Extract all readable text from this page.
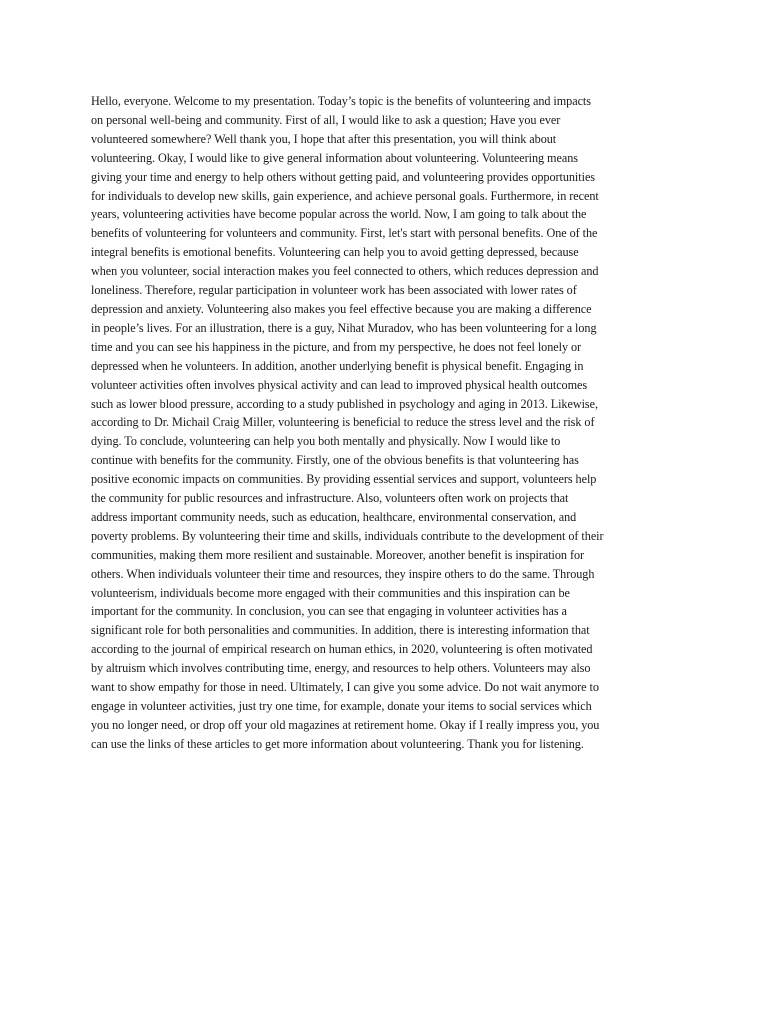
Hello, everyone. Welcome to my presentation. Today’s topic is the benefits of volunteering and impacts
on personal well-being and community. First of all, I would like to ask a question; Have you ever
volunteered somewhere? Well thank you, I hope that after this presentation, you will think about
volunteering. Okay, I would like to give general information about volunteering. Volunteering means
giving your time and energy to help others without getting paid, and volunteering provides opportunities
for individuals to develop new skills, gain experience, and achieve personal goals. Furthermore, in recent
years, volunteering activities have become popular across the world. Now, I am going to talk about the
benefits of volunteering for volunteers and community. First, let's start with personal benefits. One of the
integral benefits is emotional benefits. Volunteering can help you to avoid getting depressed, because
when you volunteer, social interaction makes you feel connected to others, which reduces depression and
loneliness. Therefore, regular participation in volunteer work has been associated with lower rates of
depression and anxiety. Volunteering also makes you feel effective because you are making a difference
in people’s lives. For an illustration, there is a guy, Nihat Muradov, who has been volunteering for a long
time and you can see his happiness in the picture, and from my perspective, he does not feel lonely or
depressed when he volunteers. In addition, another underlying benefit is physical benefit. Engaging in
volunteer activities often involves physical activity and can lead to improved physical health outcomes
such as lower blood pressure, according to a study published in psychology and aging in 2013. Likewise,
according to Dr. Michail Craig Miller, volunteering is beneficial to reduce the stress level and the risk of
dying. To conclude, volunteering can help you both mentally and physically. Now I would like to
continue with benefits for the community. Firstly, one of the obvious benefits is that volunteering has
positive economic impacts on communities. By providing essential services and support, volunteers help
the community for public resources and infrastructure. Also, volunteers often work on projects that
address important community needs, such as education, healthcare, environmental conservation, and
poverty problems. By volunteering their time and skills, individuals contribute to the development of their
communities, making them more resilient and sustainable. Moreover, another benefit is inspiration for
others. When individuals volunteer their time and resources, they inspire others to do the same. Through
volunteerism, individuals become more engaged with their communities and this inspiration can be
important for the community. In conclusion, you can see that engaging in volunteer activities has a
significant role for both personalities and communities. In addition, there is interesting information that
according to the journal of empirical research on human ethics, in 2020, volunteering is often motivated
by altruism which involves contributing time, energy, and resources to help others. Volunteers may also
want to show empathy for those in need. Ultimately, I can give you some advice. Do not wait anymore to
engage in volunteer activities, just try one time, for example, donate your items to social services which
you no longer need, or drop off your old magazines at retirement home. Okay if I really impress you, you
can use the links of these articles to get more information about volunteering. Thank you for listening.
